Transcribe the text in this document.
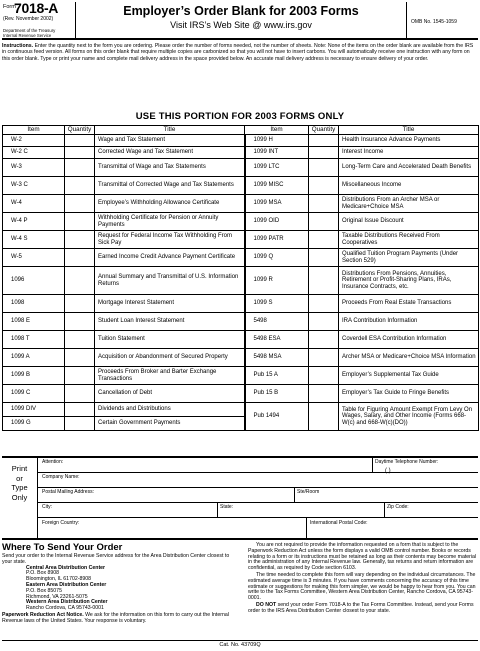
Form
7018-A
(Rev. November 2002)
Department of the Treasury
Internal Revenue Service
Employer’s Order Blank for 2003 Forms
Visit IRS’s Web Site @ www.irs.gov	OMB No. 1545-1059
Instructions. Enter the quantity next to the form you are ordering. Please order the number of forms needed, not the number of sheets. Note: None of the items on the order blank are available from the IRS in continuous feed version. All forms on this order blank that require multiple copies are carbonized so that you will not have to insert carbons. You will automatically receive one instruction with any form on this order blank. Type or print your name and complete mail delivery address in the space provided below. An accurate mail delivery address is necessary to ensure delivery of your order.
USE THIS PORTION FOR 2003 FORMS ONLY
Item	Quantity	Title	Item	Quantity	Title
W-2		Wage and Tax Statement	1099 H		Health Insurance Advance Payments
W-2 C		Corrected Wage and Tax Statement	1099 INT		Interest Income
W-3		Transmittal of Wage and Tax Statements	1099 LTC		Long-Term Care and Accelerated Death Benefits
W-3 C		Transmittal of Corrected Wage and Tax Statements	1099 MISC		Miscellaneous Income
W-4		Employee’s Withholding Allowance Certificate	1099 MSA		Distributions From an Archer MSA or Medicare+Choice MSA
W-4 P		Withholding Certificate for Pension or Annuity Payments	1099 OID		Original Issue Discount
W-4 S		Request for Federal Income Tax Withholding From Sick Pay	1099 PATR		Taxable Distributions Received From Cooperatives
W-5		Earned Income Credit Advance Payment Certificate	1099 Q		Qualified Tuition Program Payments (Under Section 529)
1096		Annual Summary and Transmittal of U.S. Information Returns	1099 R		Distributions From Pensions, Annuities, Retirement or Profit-Sharing Plans, IRAs, Insurance Contracts, etc.
1098		Mortgage Interest Statement	1099 S		Proceeds From Real Estate Transactions
1098 E		Student Loan Interest Statement	5498		IRA Contribution Information
1098 T		Tuition Statement	5498 ESA		Coverdell ESA Contribution Information
1099 A		Acquisition or Abandonment of Secured Property	5498 MSA		Archer MSA or Medicare+Choice MSA Information
1099 B		Proceeds From Broker and Barter Exchange Transactions	Pub 15 A		Employer’s Supplemental Tax Guide
1099 C		Cancellation of Debt	Pub 15 B		Employer’s Tax Guide to Fringe Benefits
1099 DIV		Dividends and Distributions	Pub 1494		Table for Figuring Amount Exempt From Levy On Wages, Salary, and Other Income (Forms 668-W(c) and 668-W(c)(DO))
1099 G		Certain Government Payments			
Print
or
Type
Only
Attention:	Daytime Telephone Number:
( )
Company Name:
Postal Mailing Address:	Ste/Room
City:	State:	Zip Code:
Foreign Country:	International Postal Code:
Where To Send Your Order
Send your order to the Internal Revenue Service address for the Area Distribution Center closest to your state.
Central Area Distribution Center
P.O. Box 8908
Bloomington, IL 61702-8908
Eastern Area Distribution Center
P.O. Box 85075
Richmond, VA 23261-5075
Western Area Distribution Center
Rancho Cordova, CA 95743-0001
Paperwork Reduction Act Notice. We ask for the information on this form to carry out the Internal Revenue laws of the United States. Your response is voluntary.

You are not required to provide the information requested on a form that is subject to the Paperwork Reduction Act unless the form displays a valid OMB control number. Books or records relating to a form or its instructions must be retained as long as their contents may become material in the administration of any Internal Revenue law. Generally, tax returns and return information are confidential, as required by Code section 6103.

The time needed to complete this form will vary depending on the individual circumstances. The estimated average time is 3 minutes. If you have comments concerning the accuracy of this time estimate or suggestions for making this form simpler, we would be happy to hear from you. You can write to the Tax Forms Committee, Western Area Distribution Center, Rancho Cordova, CA 95743-0001.

DO NOT send your order Form 7018-A to the Tax Forms Committee. Instead, send your Forms order to the IRS Area Distribution Center closest to your state.

Cat. No. 43709Q
